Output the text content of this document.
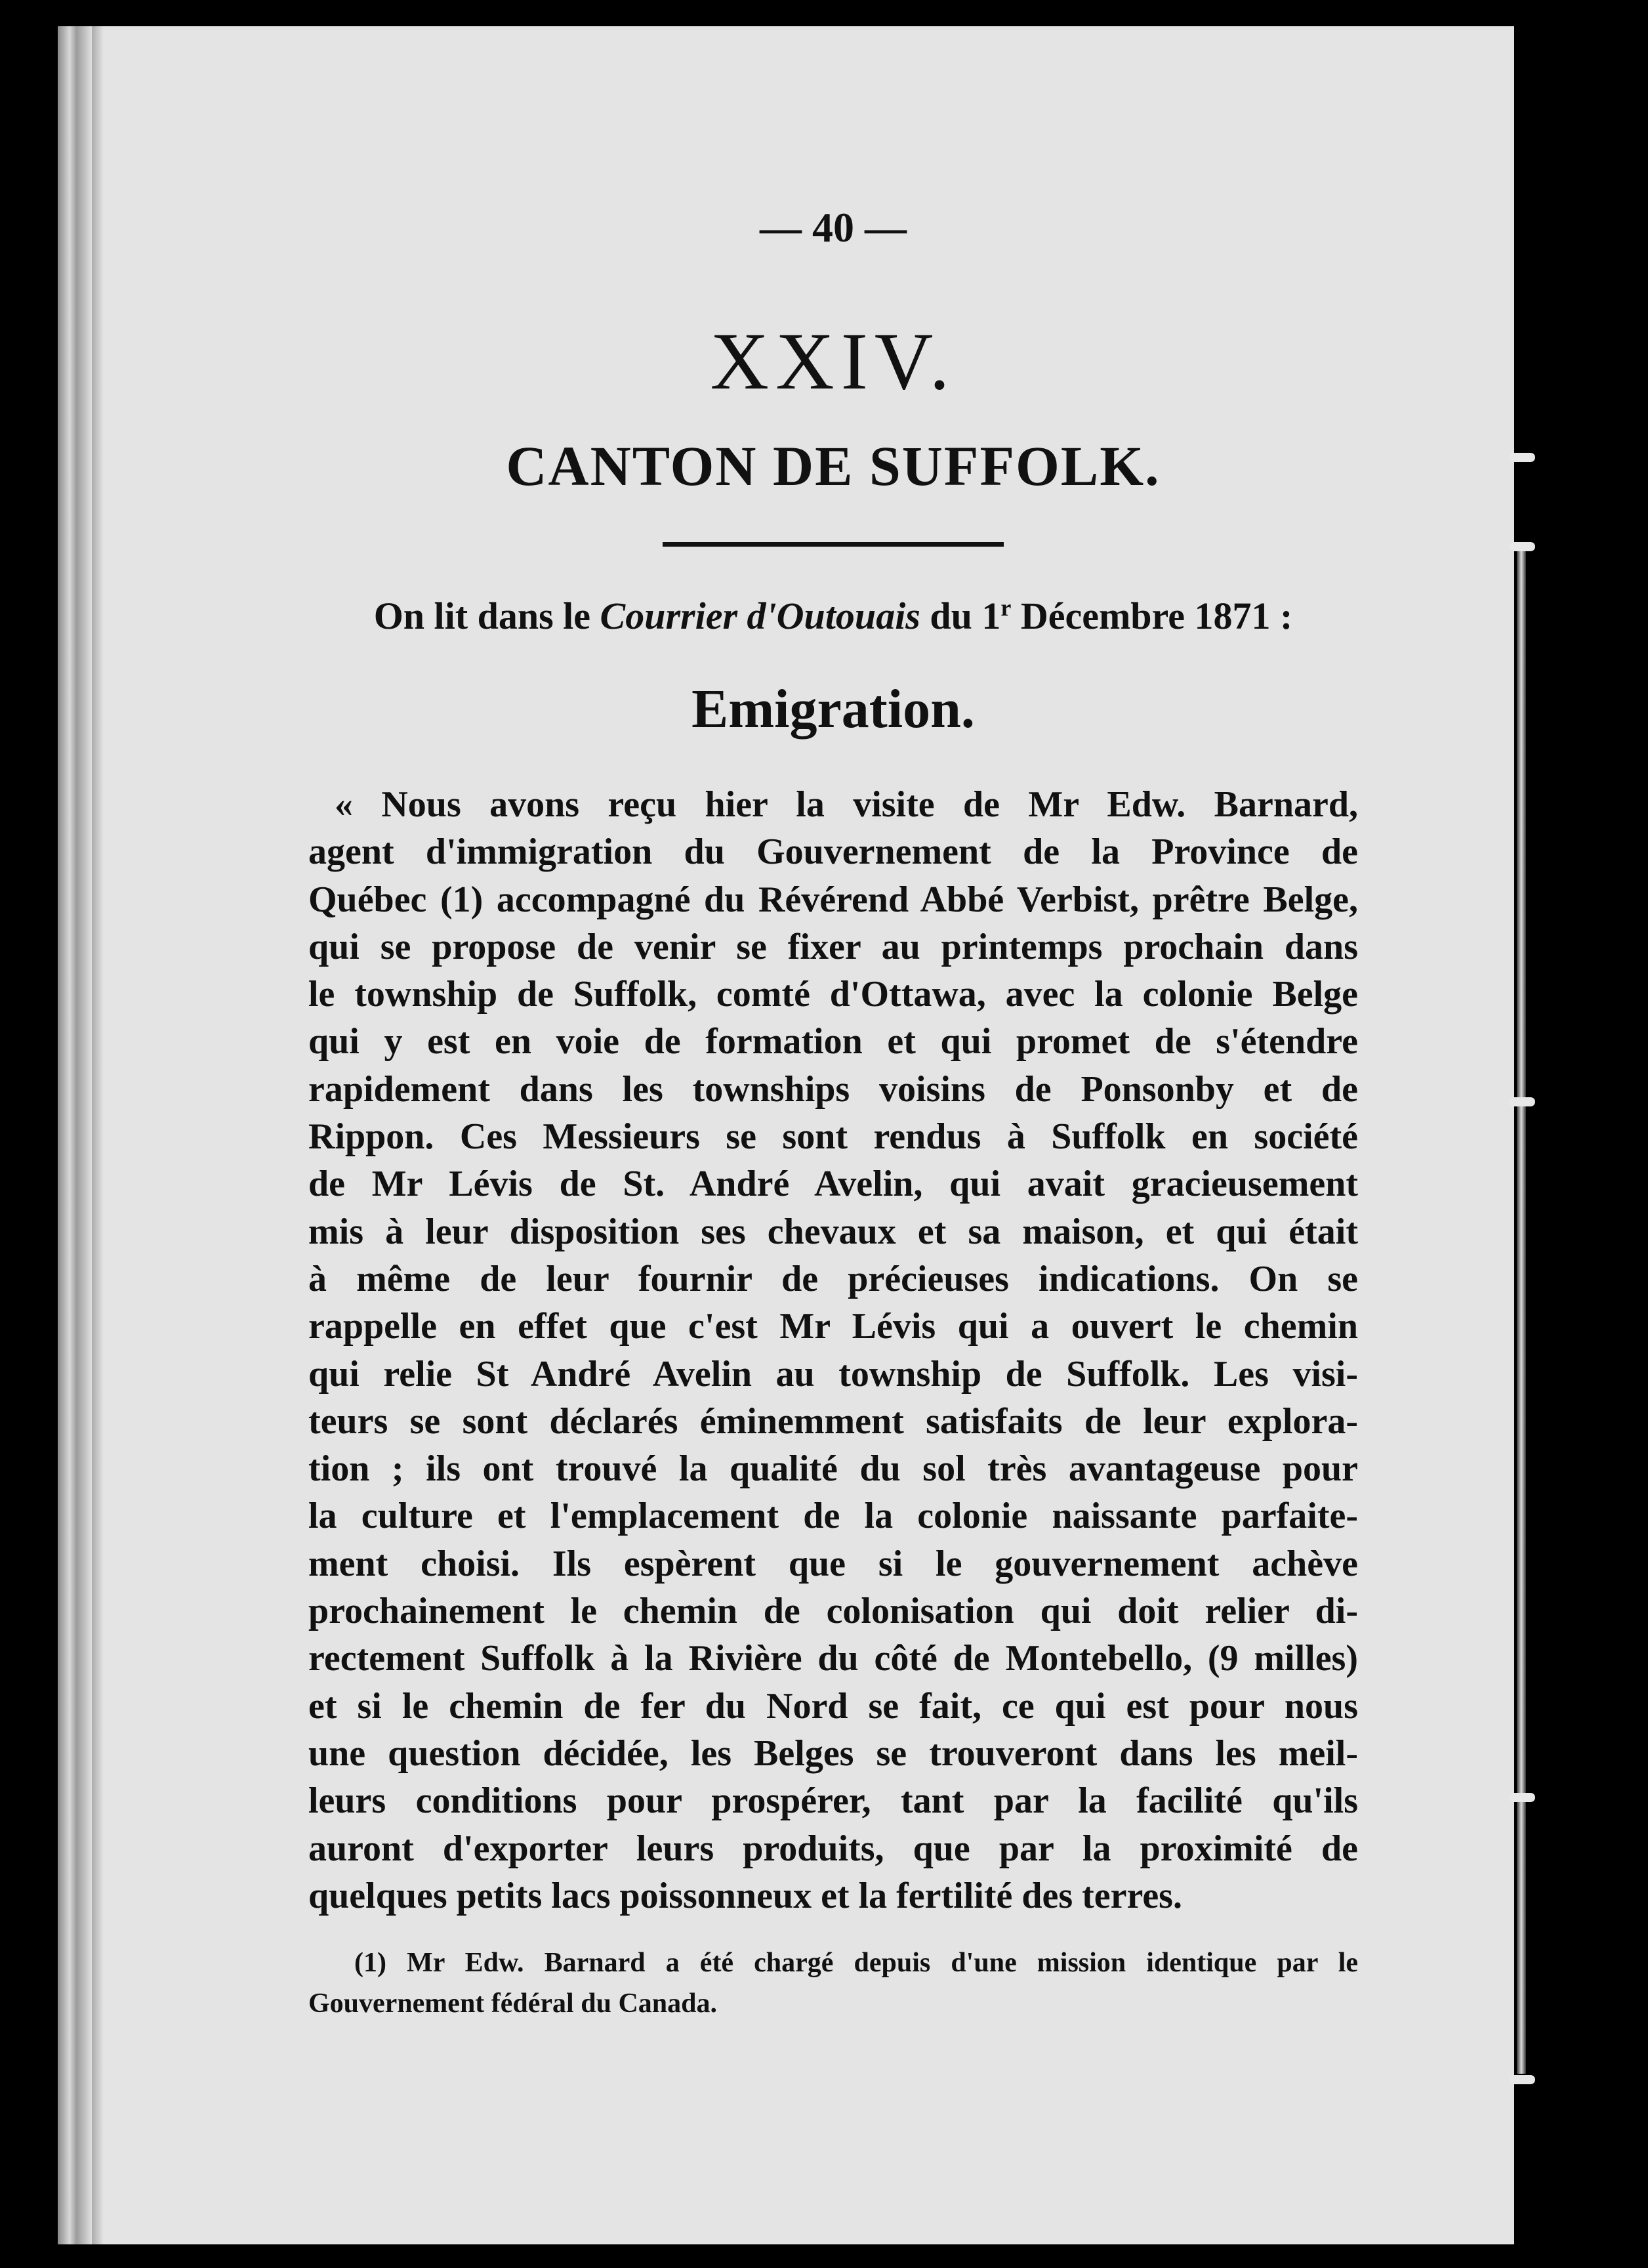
— 40 —
XXIV.
CANTON DE SUFFOLK.
On lit dans le Courrier d'Outouais du 1$^r$ Décembre 1871 :
Emigration.
« Nous avons reçu hier la visite de Mr Edw. Barnard,
agent d'immigration du Gouvernement de la Province de
Québec (1) accompagné du Révérend Abbé Verbist, prêtre Belge,
qui se propose de venir se fixer au printemps prochain dans
le township de Suffolk, comté d'Ottawa, avec la colonie Belge
qui y est en voie de formation et qui promet de s'étendre
rapidement dans les townships voisins de Ponsonby et de
Rippon. Ces Messieurs se sont rendus à Suffolk en société
de Mr Lévis de St. André Avelin, qui avait gracieusement
mis à leur disposition ses chevaux et sa maison, et qui était
à même de leur fournir de précieuses indications. On se
rappelle en effet que c'est Mr Lévis qui a ouvert le chemin
qui relie St André Avelin au township de Suffolk. Les visi-
teurs se sont déclarés éminemment satisfaits de leur explora-
tion ; ils ont trouvé la qualité du sol très avantageuse pour
la culture et l'emplacement de la colonie naissante parfaite-
ment choisi. Ils espèrent que si le gouvernement achève
prochainement le chemin de colonisation qui doit relier di-
rectement Suffolk à la Rivière du côté de Montebello, (9 milles)
et si le chemin de fer du Nord se fait, ce qui est pour nous
une question décidée, les Belges se trouveront dans les meil-
leurs conditions pour prospérer, tant par la facilité qu'ils
auront d'exporter leurs produits, que par la proximité de
quelques petits lacs poissonneux et la fertilité des terres.
(1) Mr Edw. Barnard a été chargé depuis d'une mission identique par le
Gouvernement fédéral du Canada.
